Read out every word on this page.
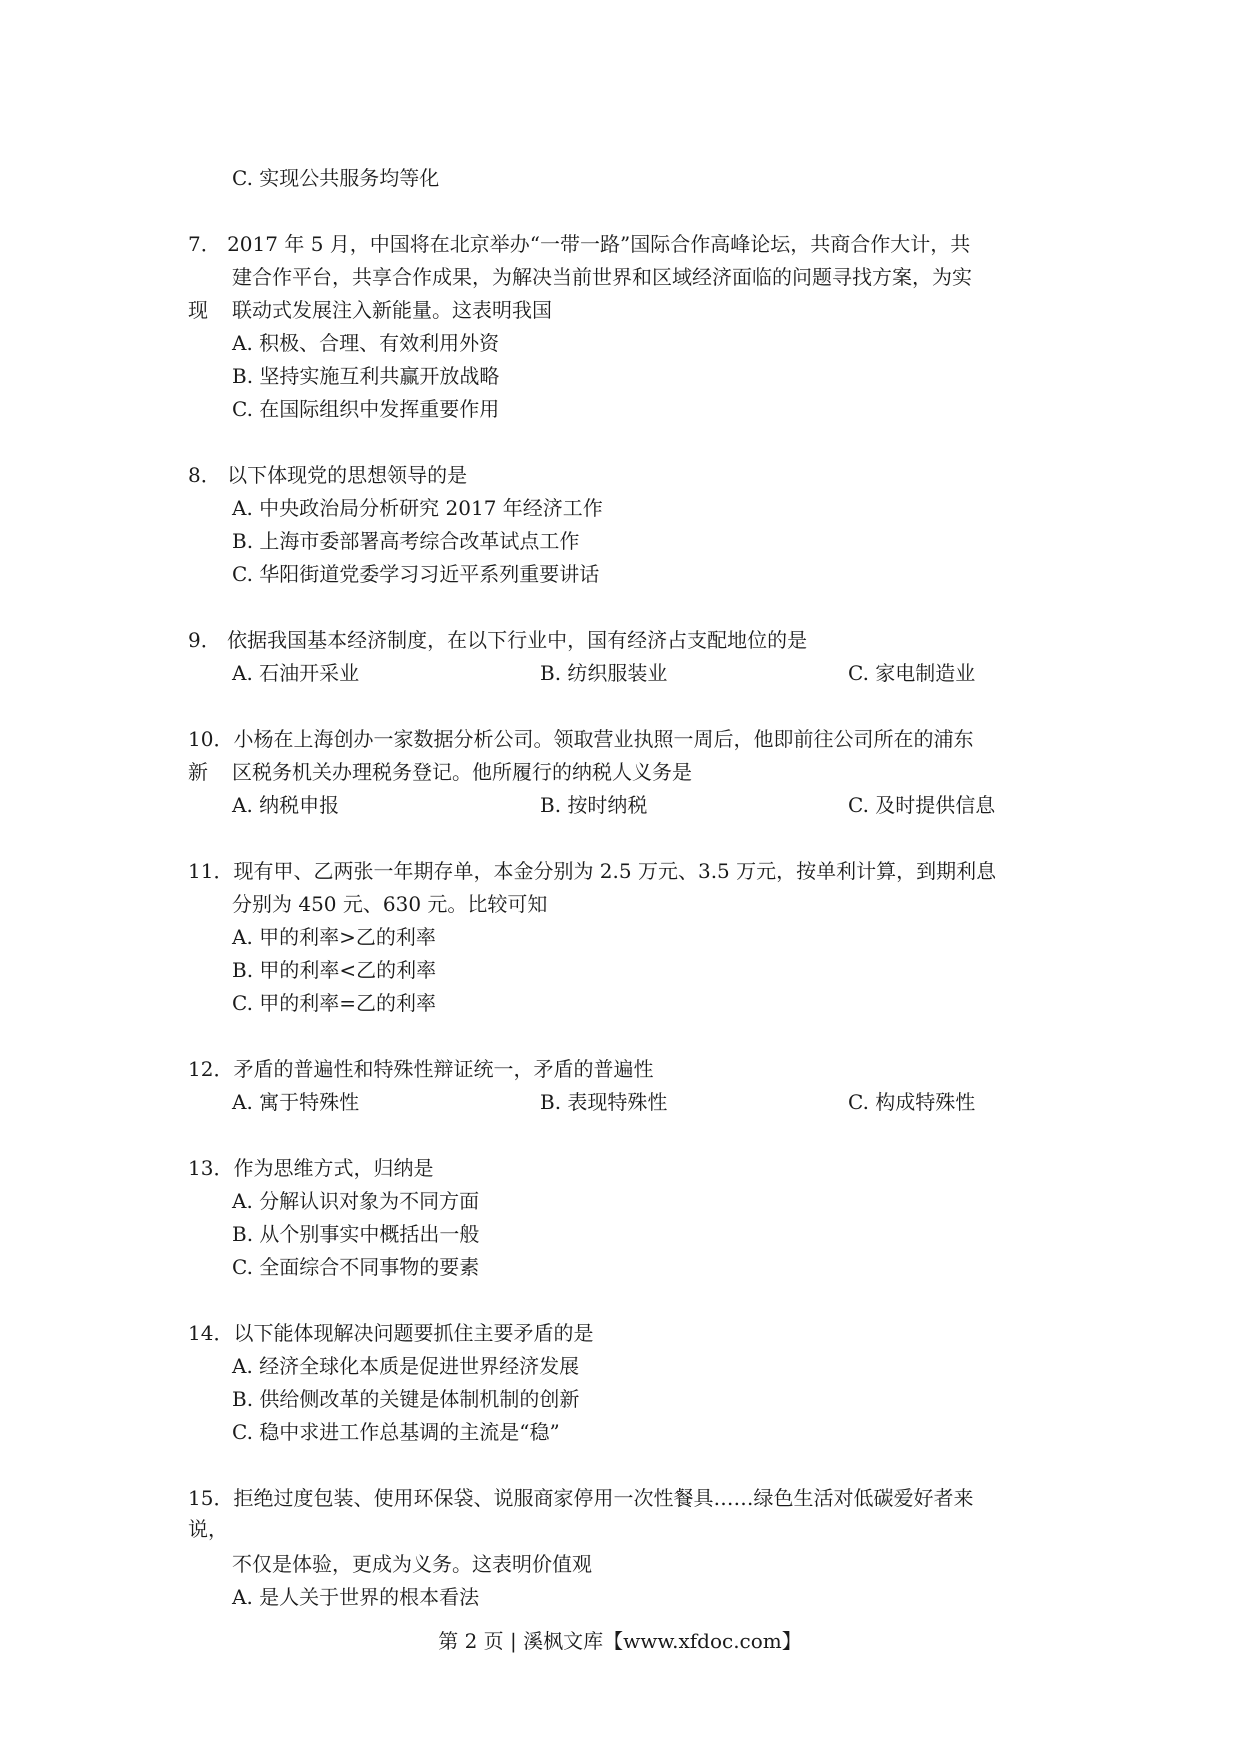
C. 实现公共服务均等化
7． 2017 年 5 月，中国将在北京举办“一带一路”国际合作高峰论坛，共商合作大计，共
建合作平台，共享合作成果，为解决当前世界和区域经济面临的问题寻找方案，为实
现 联动式发展注入新能量。这表明我国
A. 积极、合理、有效利用外资
B. 坚持实施互利共赢开放战略
C. 在国际组织中发挥重要作用
8． 以下体现党的思想领导的是
A. 中央政治局分析研究 2017 年经济工作
B. 上海市委部署高考综合改革试点工作
C. 华阳街道党委学习习近平系列重要讲话
9． 依据我国基本经济制度，在以下行业中，国有经济占支配地位的是
A. 石油开采业	B. 纺织服装业	C. 家电制造业
10．小杨在上海创办一家数据分析公司。领取营业执照一周后，他即前往公司所在的浦东
新 区税务机关办理税务登记。他所履行的纳税人义务是
A. 纳税申报	B. 按时纳税	C. 及时提供信息
11．现有甲、乙两张一年期存单，本金分别为 2.5 万元、3.5 万元，按单利计算，到期利息
分别为 450 元、630 元。比较可知
A. 甲的利率>乙的利率
B. 甲的利率<乙的利率
C. 甲的利率=乙的利率
12．矛盾的普遍性和特殊性辩证统一，矛盾的普遍性
A. 寓于特殊性	B. 表现特殊性	C. 构成特殊性
13．作为思维方式，归纳是
A. 分解认识对象为不同方面
B. 从个别事实中概括出一般
C. 全面综合不同事物的要素
14．以下能体现解决问题要抓住主要矛盾的是
A. 经济全球化本质是促进世界经济发展
B. 供给侧改革的关键是体制机制的创新
C. 稳中求进工作总基调的主流是“稳”
15．拒绝过度包装、使用环保袋、说服商家停用一次性餐具……绿色生活对低碳爱好者来
说，
不仅是体验，更成为义务。这表明价值观
A. 是人关于世界的根本看法
第 2 页 | 溪枫文库【www.xfdoc.com】
